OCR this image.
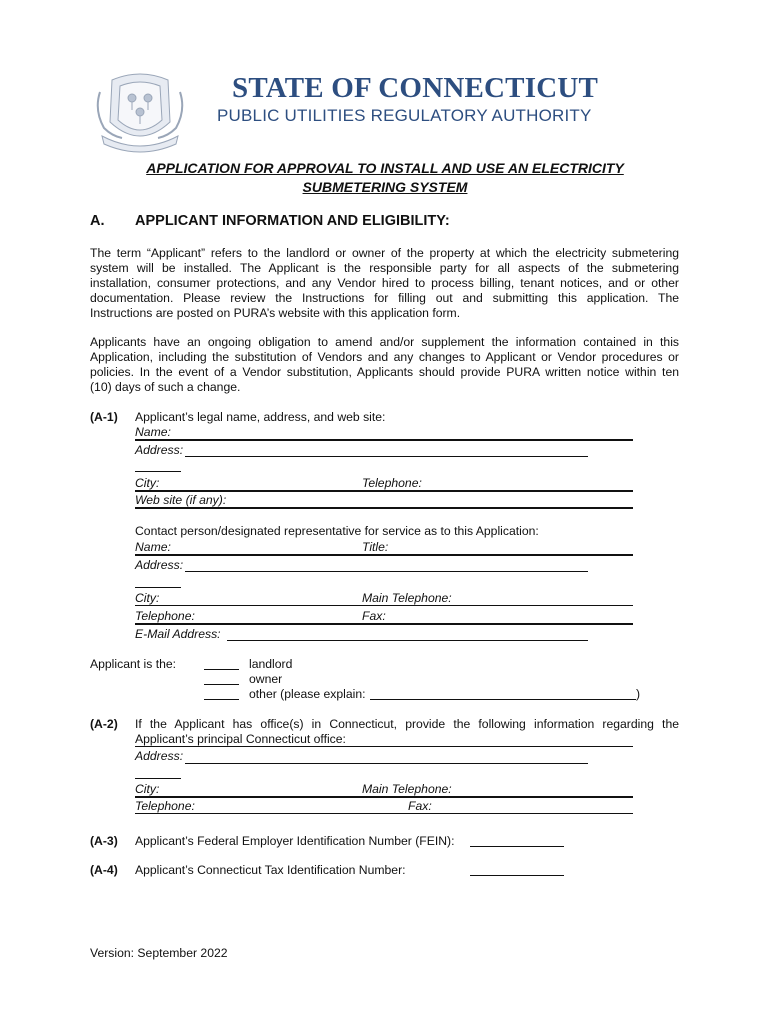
STATE OF CONNECTICUT
PUBLIC UTILITIES REGULATORY AUTHORITY
APPLICATION FOR APPROVAL TO INSTALL AND USE AN ELECTRICITY
SUBMETERING SYSTEM
A. APPLICANT INFORMATION AND ELIGIBILITY:
The term “Applicant” refers to the landlord or owner of the property at which the electricity submetering
system will be installed. The Applicant is the responsible party for all aspects of the submetering
installation, consumer protections, and any Vendor hired to process billing, tenant notices, and or other
documentation. Please review the Instructions for filling out and submitting this application. The
Instructions are posted on PURA’s website with this application form.
Applicants have an ongoing obligation to amend and/or supplement the information contained in this
Application, including the substitution of Vendors and any changes to Applicant or Vendor procedures or
policies. In the event of a Vendor substitution, Applicants should provide PURA written notice within ten
(10) days of such a change.
(A-1) Applicant’s legal name, address, and web site:
Name:
Address:
City:	Telephone:
Web site (if any):
Contact person/designated representative for service as to this Application:
Name:	Title:
Address:
City:	Main Telephone:
Telephone:	Fax:
E-Mail Address:
Applicant is the:	landlord
owner
other (please explain:	)
(A-2) If the Applicant has office(s) in Connecticut, provide the following information regarding the
Applicant’s principal Connecticut office:
Address:
City:	Main Telephone:
Telephone:	Fax:
(A-3) Applicant’s Federal Employer Identification Number (FEIN):
(A-4) Applicant’s Connecticut Tax Identification Number:
Version: September 2022
